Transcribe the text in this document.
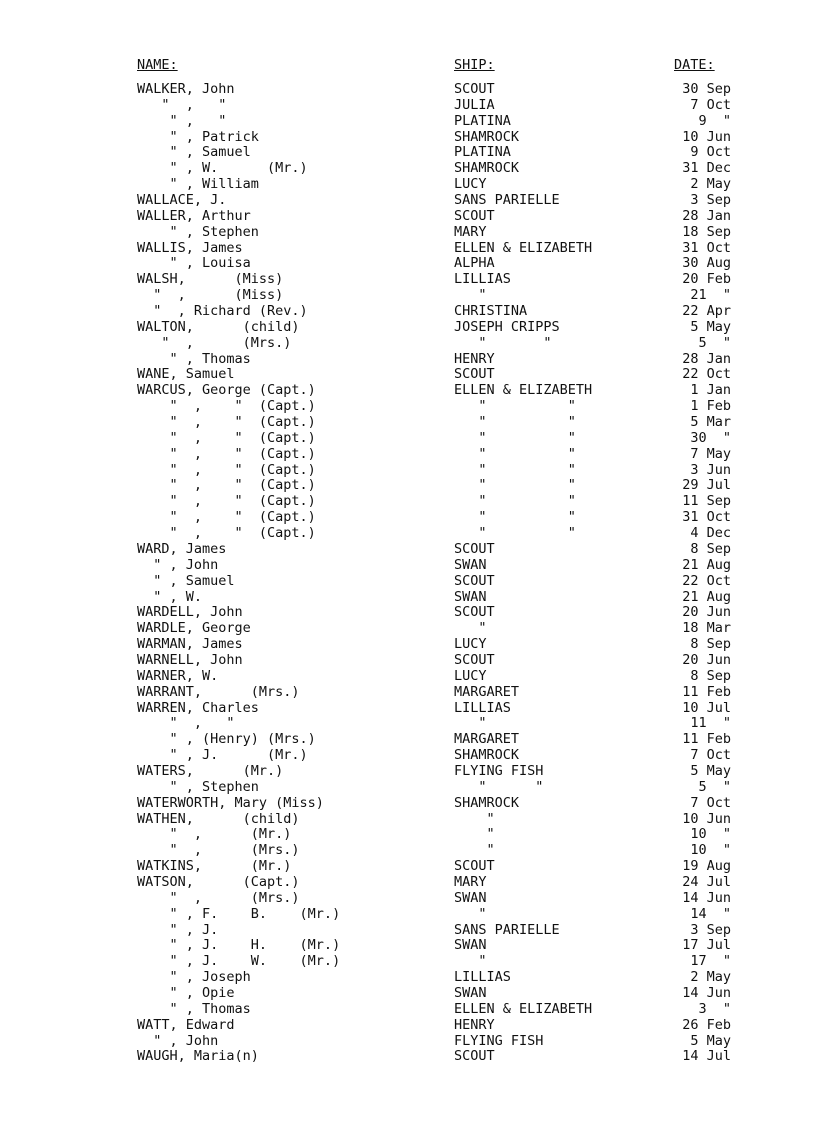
NAME:	SHIP:	DATE:
WALKER, John	SCOUT	30 Sep
"  ,   "	JULIA	7 Oct
" ,   "	PLATINA	9  "
" , Patrick	SHAMROCK	10 Jun
" , Samuel	PLATINA	9 Oct
" , W.      (Mr.)	SHAMROCK	31 Dec
" , William	LUCY	2 May
WALLACE, J.	SANS PARIELLE	3 Sep
WALLER, Arthur	SCOUT	28 Jan
" , Stephen	MARY	18 Sep
WALLIS, James	ELLEN & ELIZABETH	31 Oct
" , Louisa	ALPHA	30 Aug
WALSH,      (Miss)	LILLIAS	20 Feb
"  ,      (Miss)	"	21  "
"  , Richard (Rev.)	CHRISTINA	22 Apr
WALTON,      (child)	JOSEPH CRIPPS	5 May
"  ,      (Mrs.)	"       "	5  "
" , Thomas	HENRY	28 Jan
WANE, Samuel	SCOUT	22 Oct
WARCUS, George (Capt.)	ELLEN & ELIZABETH	1 Jan
"  ,    "  (Capt.)	"          "	1 Feb
"  ,    "  (Capt.)	"          "	5 Mar
"  ,    "  (Capt.)	"          "	30  "
"  ,    "  (Capt.)	"          "	7 May
"  ,    "  (Capt.)	"          "	3 Jun
"  ,    "  (Capt.)	"          "	29 Jul
"  ,    "  (Capt.)	"          "	11 Sep
"  ,    "  (Capt.)	"          "	31 Oct
"  ,    "  (Capt.)	"          "	4 Dec
WARD, James	SCOUT	8 Sep
" , John	SWAN	21 Aug
" , Samuel	SCOUT	22 Oct
" , W.	SWAN	21 Aug
WARDELL, John	SCOUT	20 Jun
WARDLE, George	"	18 Mar
WARMAN, James	LUCY	8 Sep
WARNELL, John	SCOUT	20 Jun
WARNER, W.	LUCY	8 Sep
WARRANT,      (Mrs.)	MARGARET	11 Feb
WARREN, Charles	LILLIAS	10 Jul
"  ,   "	"	11  "
" , (Henry) (Mrs.)	MARGARET	11 Feb
" , J.      (Mr.)	SHAMROCK	7 Oct
WATERS,      (Mr.)	FLYING FISH	5 May
" , Stephen	"      "	5  "
WATERWORTH, Mary (Miss)	SHAMROCK	7 Oct
WATHEN,      (child)	"	10 Jun
"  ,      (Mr.)	"	10  "
"  ,      (Mrs.)	"	10  "
WATKINS,      (Mr.)	SCOUT	19 Aug
WATSON,      (Capt.)	MARY	24 Jul
"  ,      (Mrs.)	SWAN	14 Jun
" , F.    B.    (Mr.)	"	14  "
" , J.	SANS PARIELLE	3 Sep
" , J.    H.    (Mr.)	SWAN	17 Jul
" , J.    W.    (Mr.)	"	17  "
" , Joseph	LILLIAS	2 May
" , Opie	SWAN	14 Jun
" , Thomas	ELLEN & ELIZABETH	3  "
WATT, Edward	HENRY	26 Feb
" , John	FLYING FISH	5 May
WAUGH, Maria(n)	SCOUT	14 Jul
